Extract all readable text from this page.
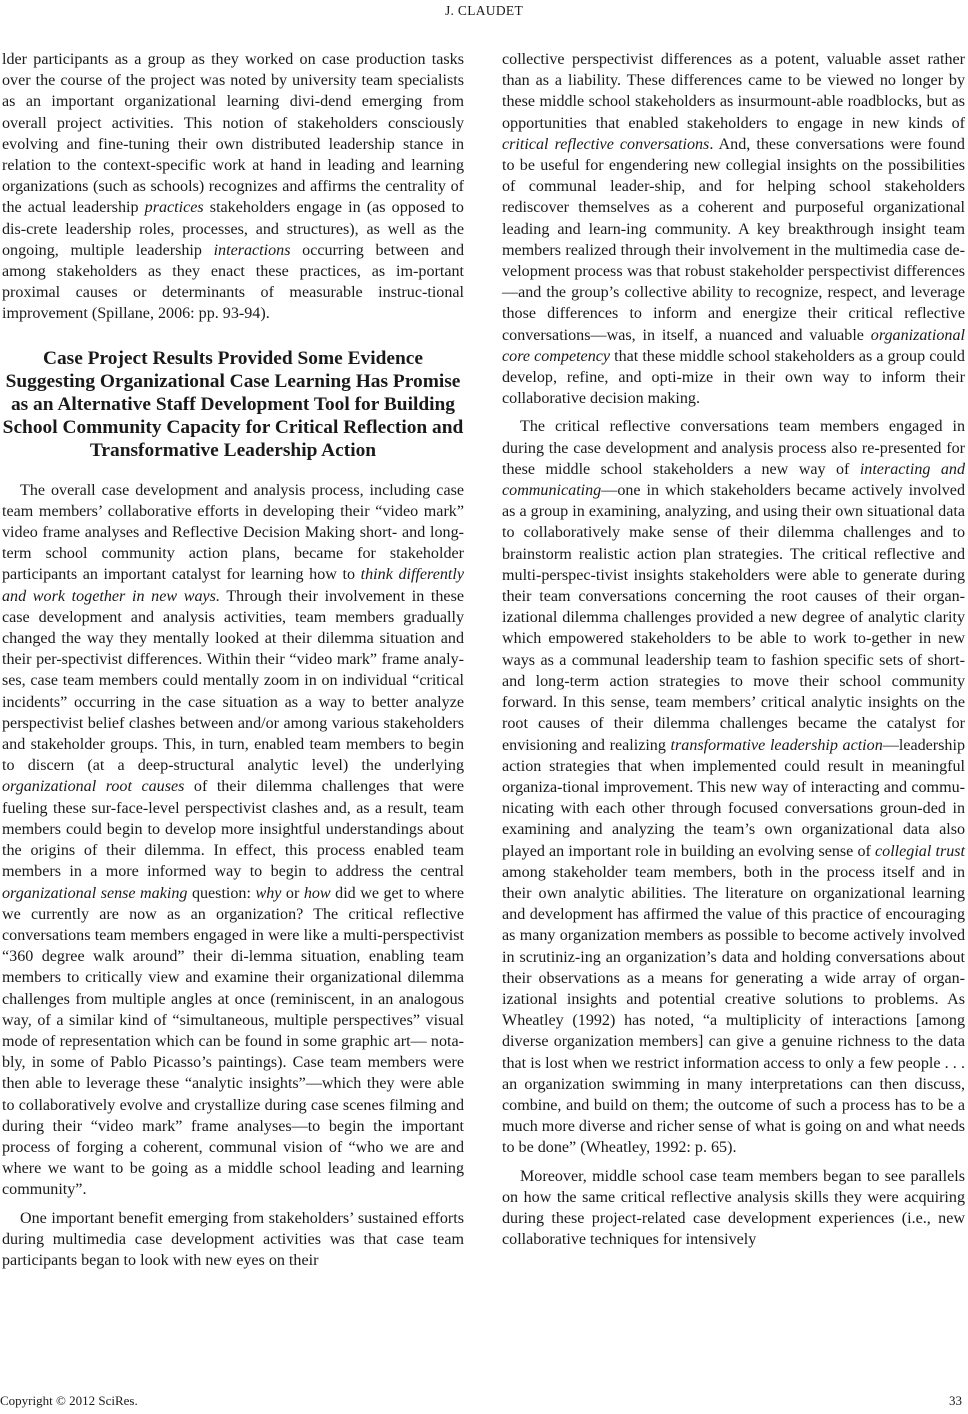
J. CLAUDET

lder participants as a group as they worked on case production tasks over the course of the project was noted by university team specialists as an important organizational learning divi-dend emerging from overall project activities. This notion of stakeholders consciously evolving and fine-tuning their own distributed leadership stance in relation to the context-specific work at hand in leading and learning organizations (such as schools) recognizes and affirms the centrality of the actual leadership practices stakeholders engage in (as opposed to dis-crete leadership roles, processes, and structures), as well as the ongoing, multiple leadership interactions occurring between and among stakeholders as they enact these practices, as im-portant proximal causes or determinants of measurable instruc-tional improvement (Spillane, 2006: pp. 93-94).

Case Project Results Provided Some Evidence Suggesting Organizational Case Learning Has Promise as an Alternative Staff Development Tool for Building School Community Capacity for Critical Reflection and Transformative Leadership Action

The overall case development and analysis process, including case team members’ collaborative efforts in developing their “video mark” video frame analyses and Reflective Decision Making short- and long-term school community action plans, became for stakeholder participants an important catalyst for learning how to think differently and work together in new ways. Through their involvement in these case development and analysis activities, team members gradually changed the way they mentally looked at their dilemma situation and their per-spectivist differences. Within their “video mark” frame analy-ses, case team members could mentally zoom in on individual “critical incidents” occurring in the case situation as a way to better analyze perspectivist belief clashes between and/or among various stakeholders and stakeholder groups. This, in turn, enabled team members to begin to discern (at a deep-structural analytic level) the underlying organizational root causes of their dilemma challenges that were fueling these sur-face-level perspectivist clashes and, as a result, team members could begin to develop more insightful understandings about the origins of their dilemma. In effect, this process enabled team members in a more informed way to begin to address the central organizational sense making question: why or how did we get to where we currently are now as an organization? The critical reflective conversations team members engaged in were like a multi-perspectivist “360 degree walk around” their di-lemma situation, enabling team members to critically view and examine their organizational dilemma challenges from multiple angles at once (reminiscent, in an analogous way, of a similar kind of “simultaneous, multiple perspectives” visual mode of representation which can be found in some graphic art— nota-bly, in some of Pablo Picasso’s paintings). Case team members were then able to leverage these “analytic insights”—which they were able to collaboratively evolve and crystallize during case scenes filming and during their “video mark” frame analyses—to begin the important process of forging a coherent, communal vision of “who we are and where we want to be going as a middle school leading and learning community”.

One important benefit emerging from stakeholders’ sustained efforts during multimedia case development activities was that case team participants began to look with new eyes on their

collective perspectivist differences as a potent, valuable asset rather than as a liability. These differences came to be viewed no longer by these middle school stakeholders as insurmount-able roadblocks, but as opportunities that enabled stakeholders to engage in new kinds of critical reflective conversations. And, these conversations were found to be useful for engendering new collegial insights on the possibilities of communal leader-ship, and for helping school stakeholders rediscover themselves as a coherent and purposeful organizational leading and learn-ing community. A key breakthrough insight team members realized through their involvement in the multimedia case de-velopment process was that robust stakeholder perspectivist differences—and the group’s collective ability to recognize, respect, and leverage those differences to inform and energize their critical reflective conversations—was, in itself, a nuanced and valuable organizational core competency that these middle school stakeholders as a group could develop, refine, and opti-mize in their own way to inform their collaborative decision making.

The critical reflective conversations team members engaged in during the case development and analysis process also re-presented for these middle school stakeholders a new way of interacting and communicating—one in which stakeholders became actively involved as a group in examining, analyzing, and using their own situational data to collaboratively make sense of their dilemma challenges and to brainstorm realistic action plan strategies. The critical reflective and multi-perspec-tivist insights stakeholders were able to generate during their team conversations concerning the root causes of their organ-izational dilemma challenges provided a new degree of analytic clarity which empowered stakeholders to be able to work to-gether in new ways as a communal leadership team to fashion specific sets of short- and long-term action strategies to move their school community forward. In this sense, team members’ critical analytic insights on the root causes of their dilemma challenges became the catalyst for envisioning and realizing transformative leadership action—leadership action strategies that when implemented could result in meaningful organiza-tional improvement. This new way of interacting and commu-nicating with each other through focused conversations groun-ded in examining and analyzing the team’s own organizational data also played an important role in building an evolving sense of collegial trust among stakeholder team members, both in the process itself and in their own analytic abilities. The literature on organizational learning and development has affirmed the value of this practice of encouraging as many organization members as possible to become actively involved in scrutiniz-ing an organization’s data and holding conversations about their observations as a means for generating a wide array of organ-izational insights and potential creative solutions to problems. As Wheatley (1992) has noted, “a multiplicity of interactions [among diverse organization members] can give a genuine richness to the data that is lost when we restrict information access to only a few people . . . an organization swimming in many interpretations can then discuss, combine, and build on them; the outcome of such a process has to be a much more diverse and richer sense of what is going on and what needs to be done” (Wheatley, 1992: p. 65).

Moreover, middle school case team members began to see parallels on how the same critical reflective analysis skills they were acquiring during these project-related case development experiences (i.e., new collaborative techniques for intensively

Copyright © 2012 SciRes.	33
